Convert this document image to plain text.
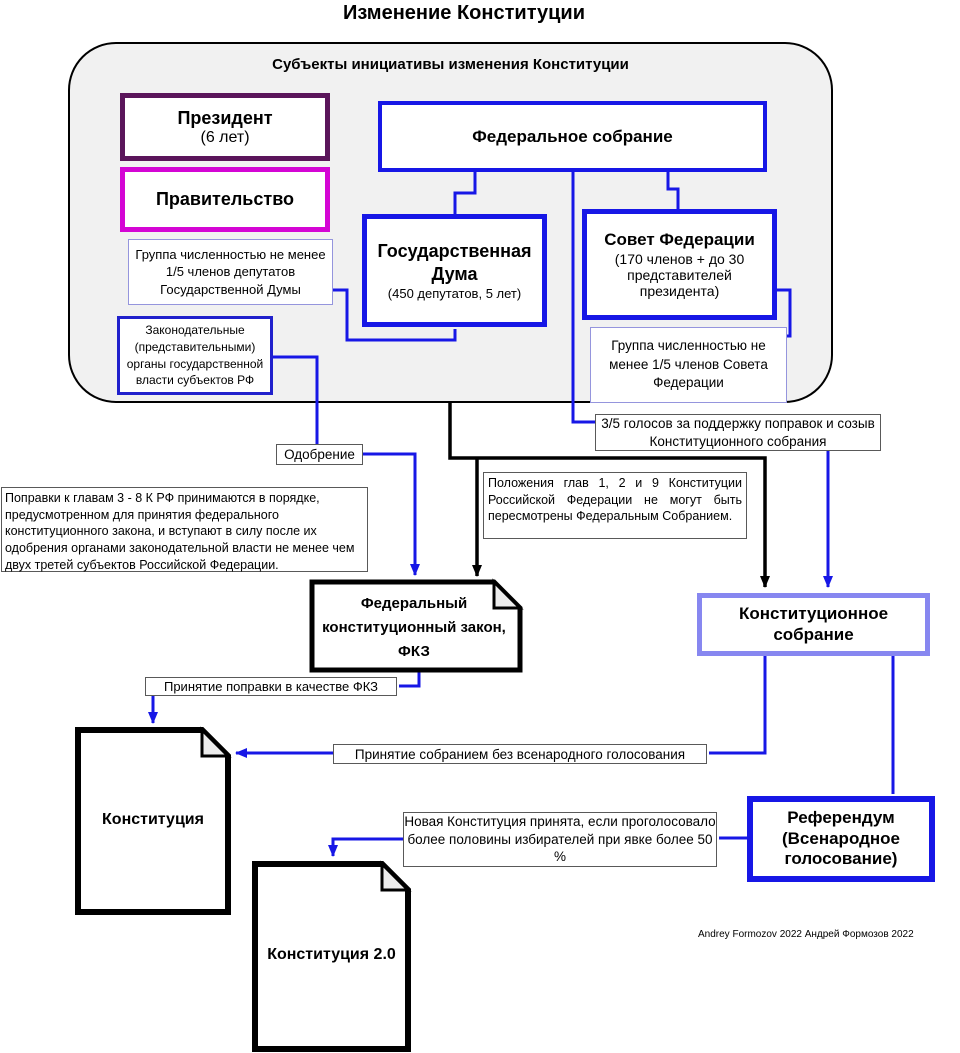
Изменение Конституции
Субъекты инициативы изменения Конституции
Президент
(6 лет)
Правительство
Федеральное собрание
Государственная Дума
(450 депутатов, 5 лет)
Совет Федерации
(170 членов + до 30 представителей президента)
Группа численностью не менее 1/5 членов депутатов Государственной Думы
Законодательные (представительными) органы государственной власти субъектов РФ
Группа численностью не менее 1/5 членов Совета Федерации
3/5 голосов за поддержку поправок и созыв Конституционного собрания
Одобрение
Поправки к главам 3 - 8 К РФ принимаются в порядке, предусмотренном для принятия федерального конституционного закона, и вступают в силу после их одобрения органами законодательной власти не менее чем двух третей субъектов Российской Федерации.
Положения глав 1, 2 и 9 Конституции Российской Федерации не могут быть пересмотрены Федеральным Собранием.
Принятие поправки в качестве ФКЗ
Принятие собранием без всенародного голосования
Новая Конституция принята, если проголосовало более половины избирателей при явке более 50 %
Конституционное собрание
Референдум (Всенародное голосование)
Федеральный конституционный закон, ФКЗ
Конституция
Конституция 2.0
Andrey Formozov 2022 Андрей Формозов 2022
